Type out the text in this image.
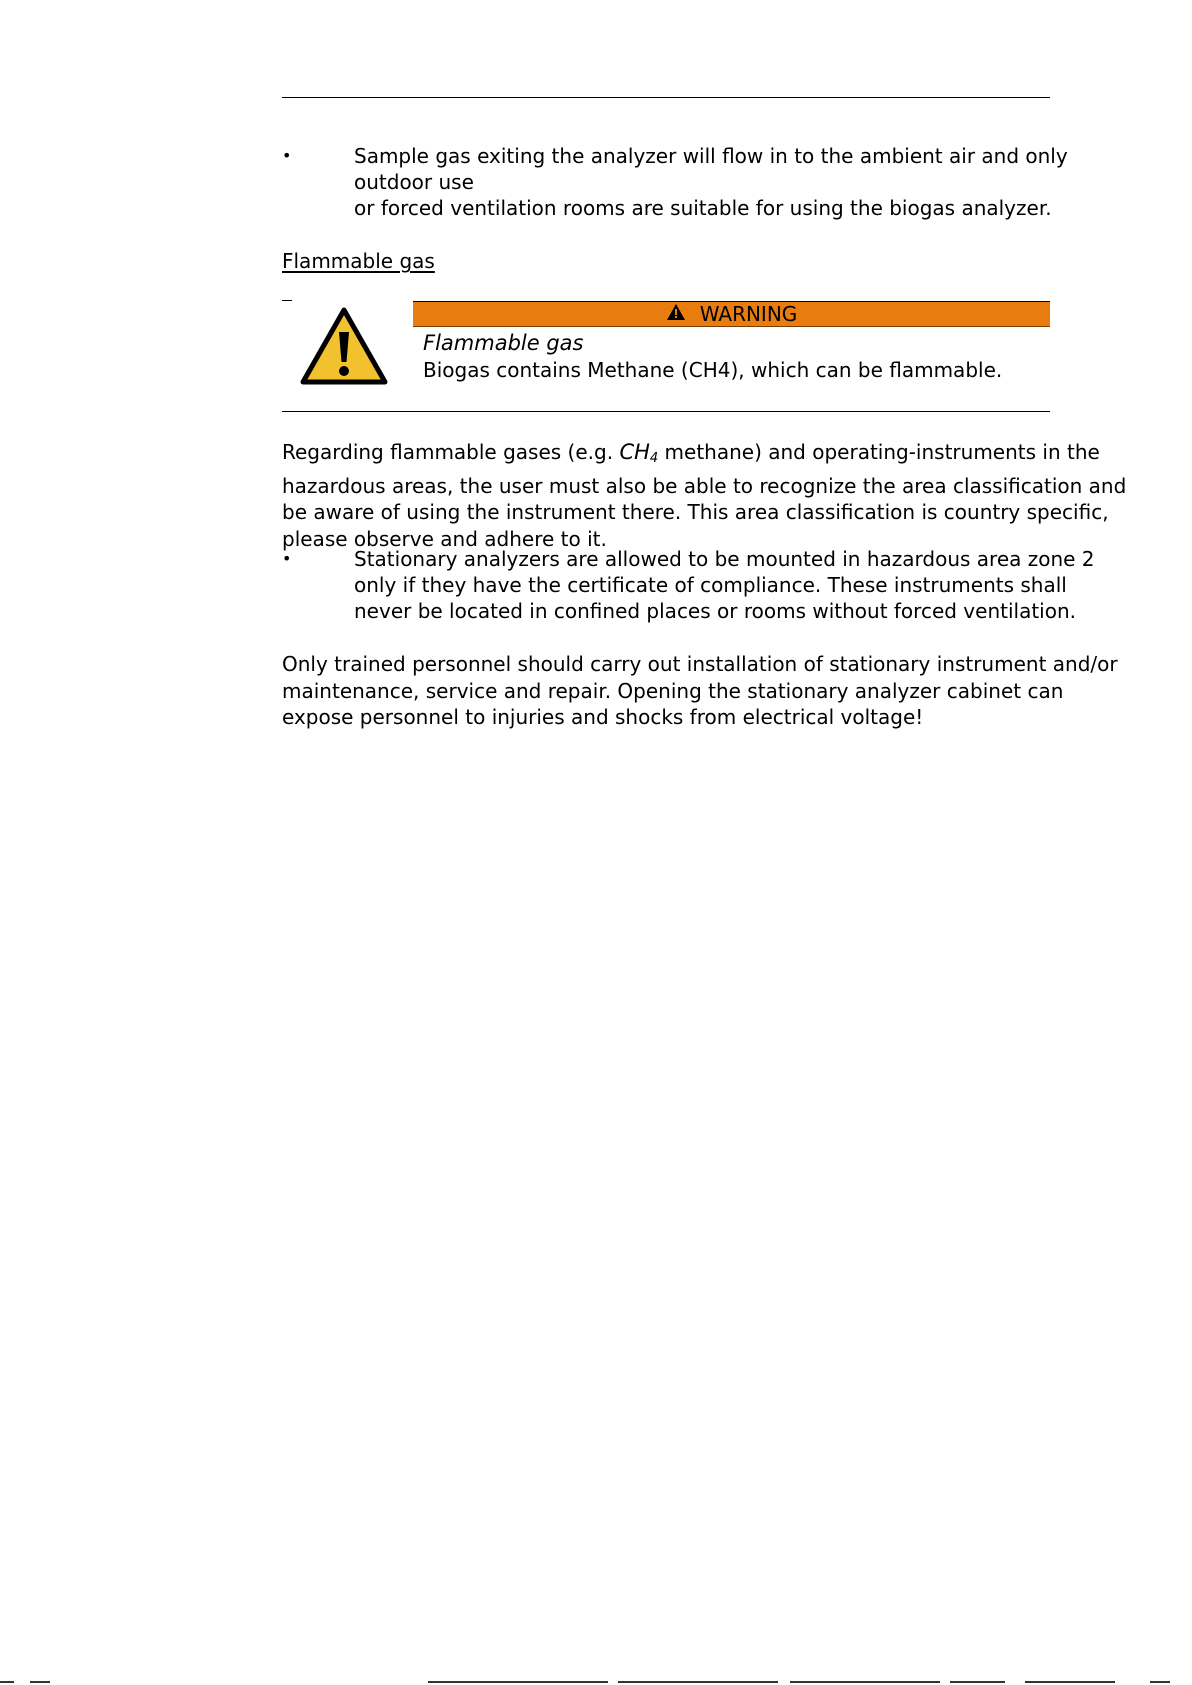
•	Sample gas exiting the analyzer will flow in to the ambient air and only
outdoor use
or forced ventilation rooms are suitable for using the biogas analyzer.
Flammable gas
WARNING
Flammable gas
Biogas contains Methane (CH4), which can be flammable.
Regarding flammable gases (e.g. $CH_4$ methane) and operating-instruments in the
hazardous areas, the user must also be able to recognize the area classification and
be aware of using the instrument there. This area classification is country specific,
please observe and adhere to it.
•	Stationary analyzers are allowed to be mounted in hazardous area zone 2
only if they have the certificate of compliance. These instruments shall
never be located in confined places or rooms without forced ventilation.
Only trained personnel should carry out installation of stationary instrument and/or
maintenance, service and repair. Opening the stationary analyzer cabinet can
expose personnel to injuries and shocks from electrical voltage!
